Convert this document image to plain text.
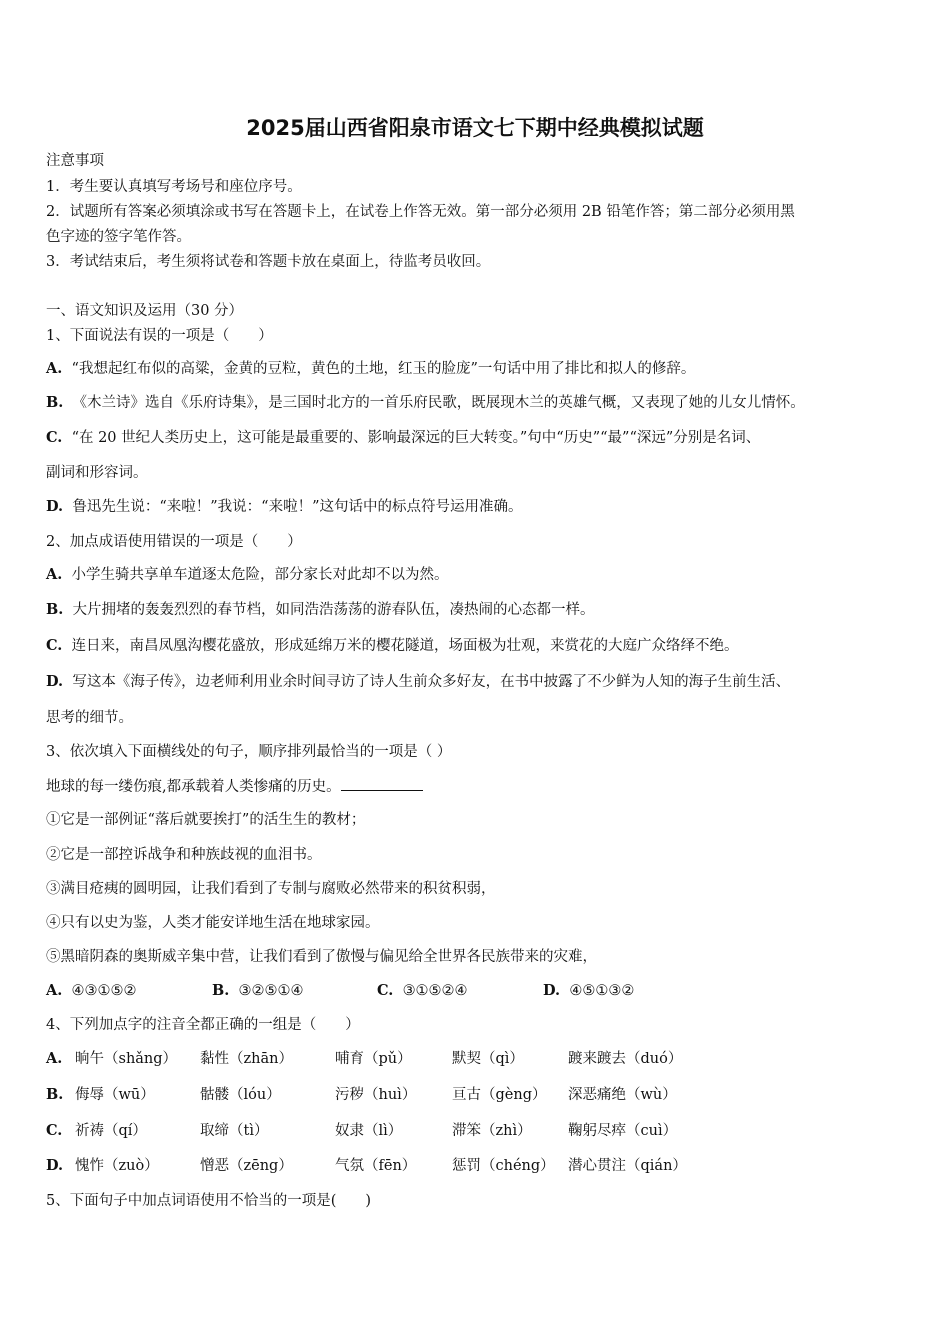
2025届山西省阳泉市语文七下期中经典模拟试题
注意事项
1．考生要认真填写考场号和座位序号。
2．试题所有答案必须填涂或书写在答题卡上，在试卷上作答无效。第一部分必须用 2B 铅笔作答；第二部分必须用黑
色字迹的签字笔作答。
3．考试结束后，考生须将试卷和答题卡放在桌面上，待监考员收回。
一、语文知识及运用（30 分）
1、下面说法有误的一项是（　　）
A. “我想起红布似的高粱，金黄的豆粒，黄色的土地，红玉的脸庞”一句话中用了排比和拟人的修辞。
B. 《木兰诗》选自《乐府诗集》，是三国时北方的一首乐府民歌，既展现木兰的英雄气概，又表现了她的儿女儿情怀。
C. “在 20 世纪人类历史上，这可能是最重要的、影响最深远的巨大转变。”句中“历史”“最”“深远”分别是名词、
副词和形容词。
D. 鲁迅先生说：“来啦！”我说：“来啦！”这句话中的标点符号运用准确。
2、加点成语使用错误的一项是（　　）
A. 小学生骑共享单车道逐太危险，部分家长对此却不以为然。
B. 大片拥堵的轰轰烈烈的春节档，如同浩浩荡荡的游春队伍，凑热闹的心态都一样。
C. 连日来，南昌凤凰沟樱花盛放，形成延绵万米的樱花隧道，场面极为壮观，来赏花的大庭广众络绎不绝。
D. 写这本《海子传》，边老师利用业余时间寻访了诗人生前众多好友，在书中披露了不少鲜为人知的海子生前生活、
思考的细节。
3、依次填入下面横线处的句子，顺序排列最恰当的一项是（ ）
地球的每一缕伤痕,都承载着人类惨痛的历史。
①它是一部例证“落后就要挨打”的活生生的教材；
②它是一部控诉战争和种族歧视的血泪书。
③满目疮痍的圆明园，让我们看到了专制与腐败必然带来的积贫积弱，
④只有以史为鉴，人类才能安详地生活在地球家园。
⑤黑暗阴森的奥斯威辛集中营，让我们看到了傲慢与偏见给全世界各民族带来的灾难，
A. ④③①⑤②	B. ③②⑤①④	C. ③①⑤②④	D. ④⑤①③②
4、下列加点字的注音全都正确的一组是（　　）
A. 晌午（shǎng） 黏性（zhān）	哺育（pǔ）	默契（qì）	踱来踱去（duó）
B. 侮辱（wū）	骷髅（lóu）	污秽（huì） 亘古（gèng） 深恶痛绝（wù）
C. 祈祷（qí）	取缔（tì）	奴隶（lì）	滞笨（zhì）	鞠躬尽瘁（cuì）
D. 愧怍（zuò）	憎恶（zēng）	气氛（fēn） 惩罚（chéng） 潜心贯注（qián）
5、下面句子中加点词语使用不恰当的一项是(　　)
